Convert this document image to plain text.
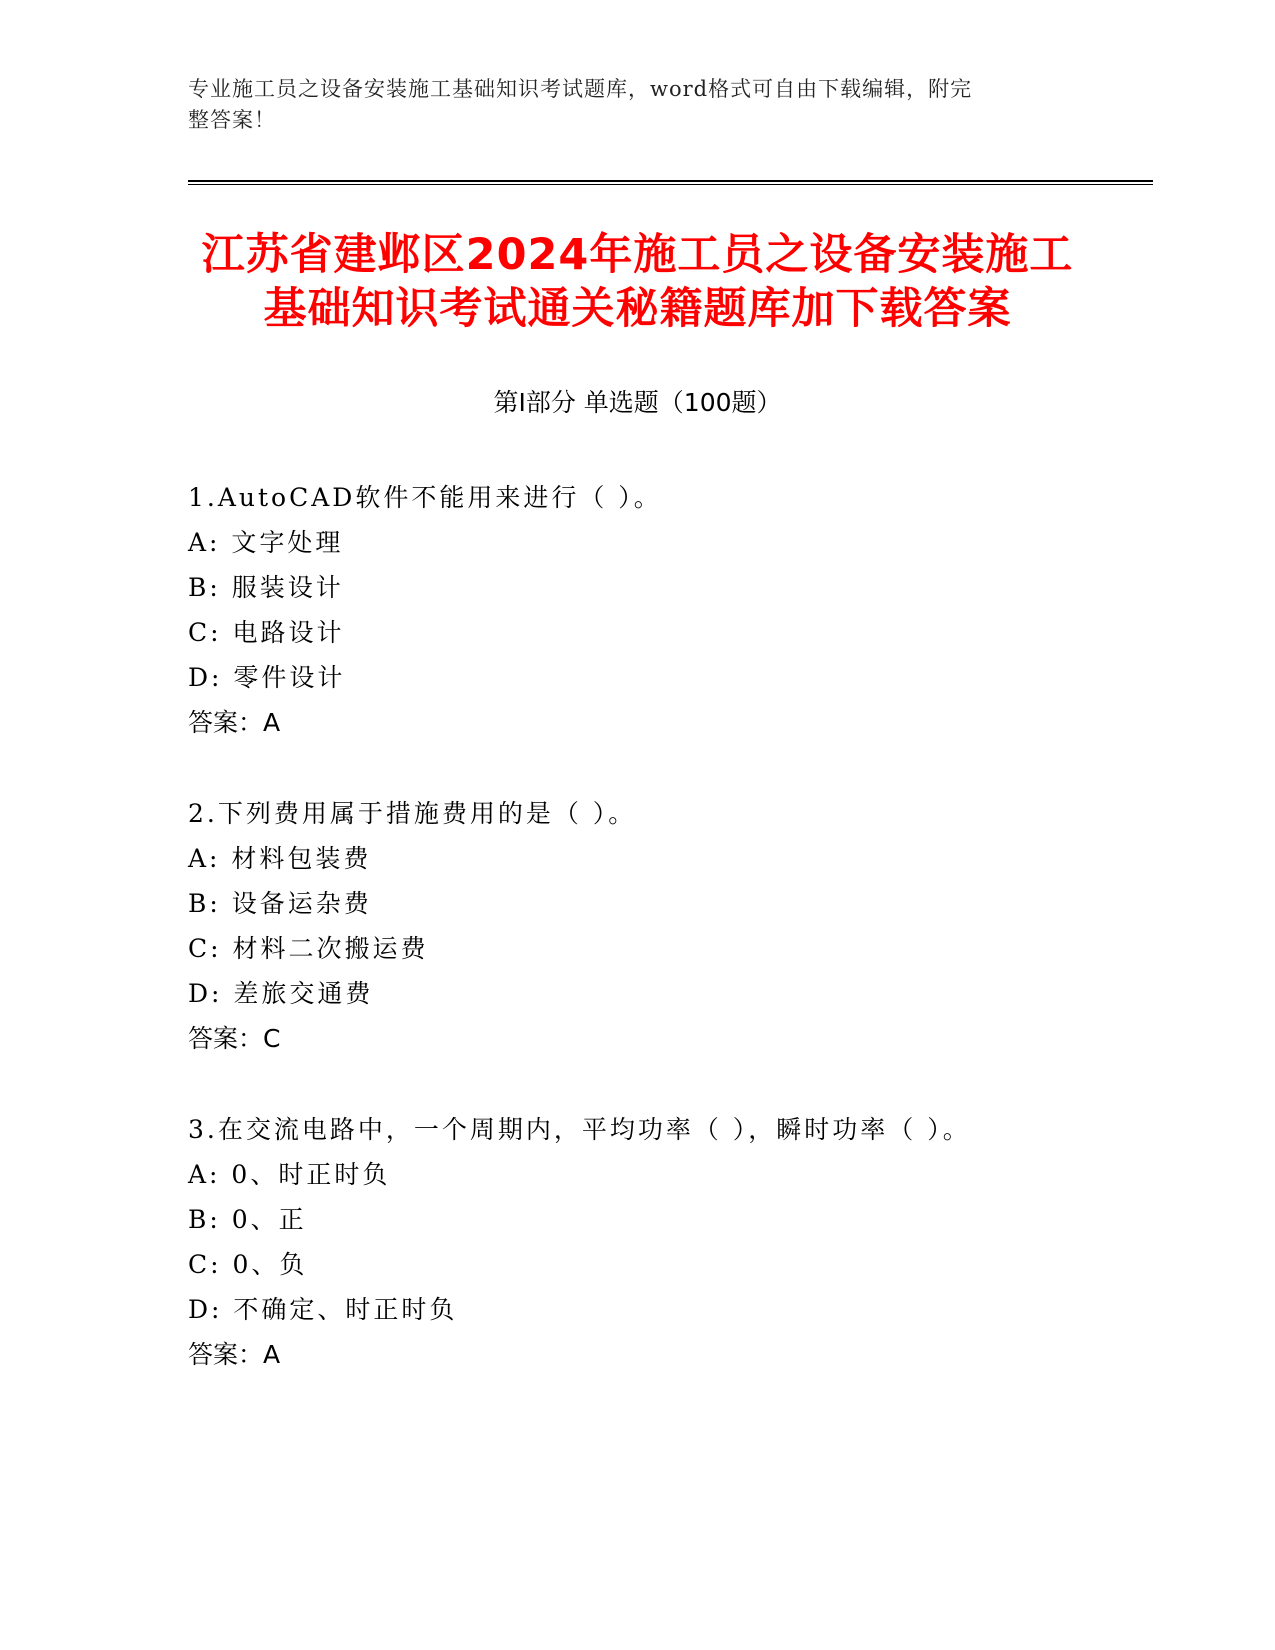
专业施工员之设备安装施工基础知识考试题库，word格式可自由下载编辑，附完
整答案！
江苏省建邺区2024年施工员之设备安装施工
基础知识考试通关秘籍题库加下载答案
第Ⅰ部分 单选题（100题）
1.AutoCAD软件不能用来进行（ ）。
A: 文字处理
B: 服装设计
C: 电路设计
D: 零件设计
答案：A
2.下列费用属于措施费用的是（ ）。
A: 材料包装费
B: 设备运杂费
C: 材料二次搬运费
D: 差旅交通费
答案：C
3.在交流电路中，一个周期内，平均功率（ ），瞬时功率（ ）。
A: 0、时正时负
B: 0、正
C: 0、负
D: 不确定、时正时负
答案：A
